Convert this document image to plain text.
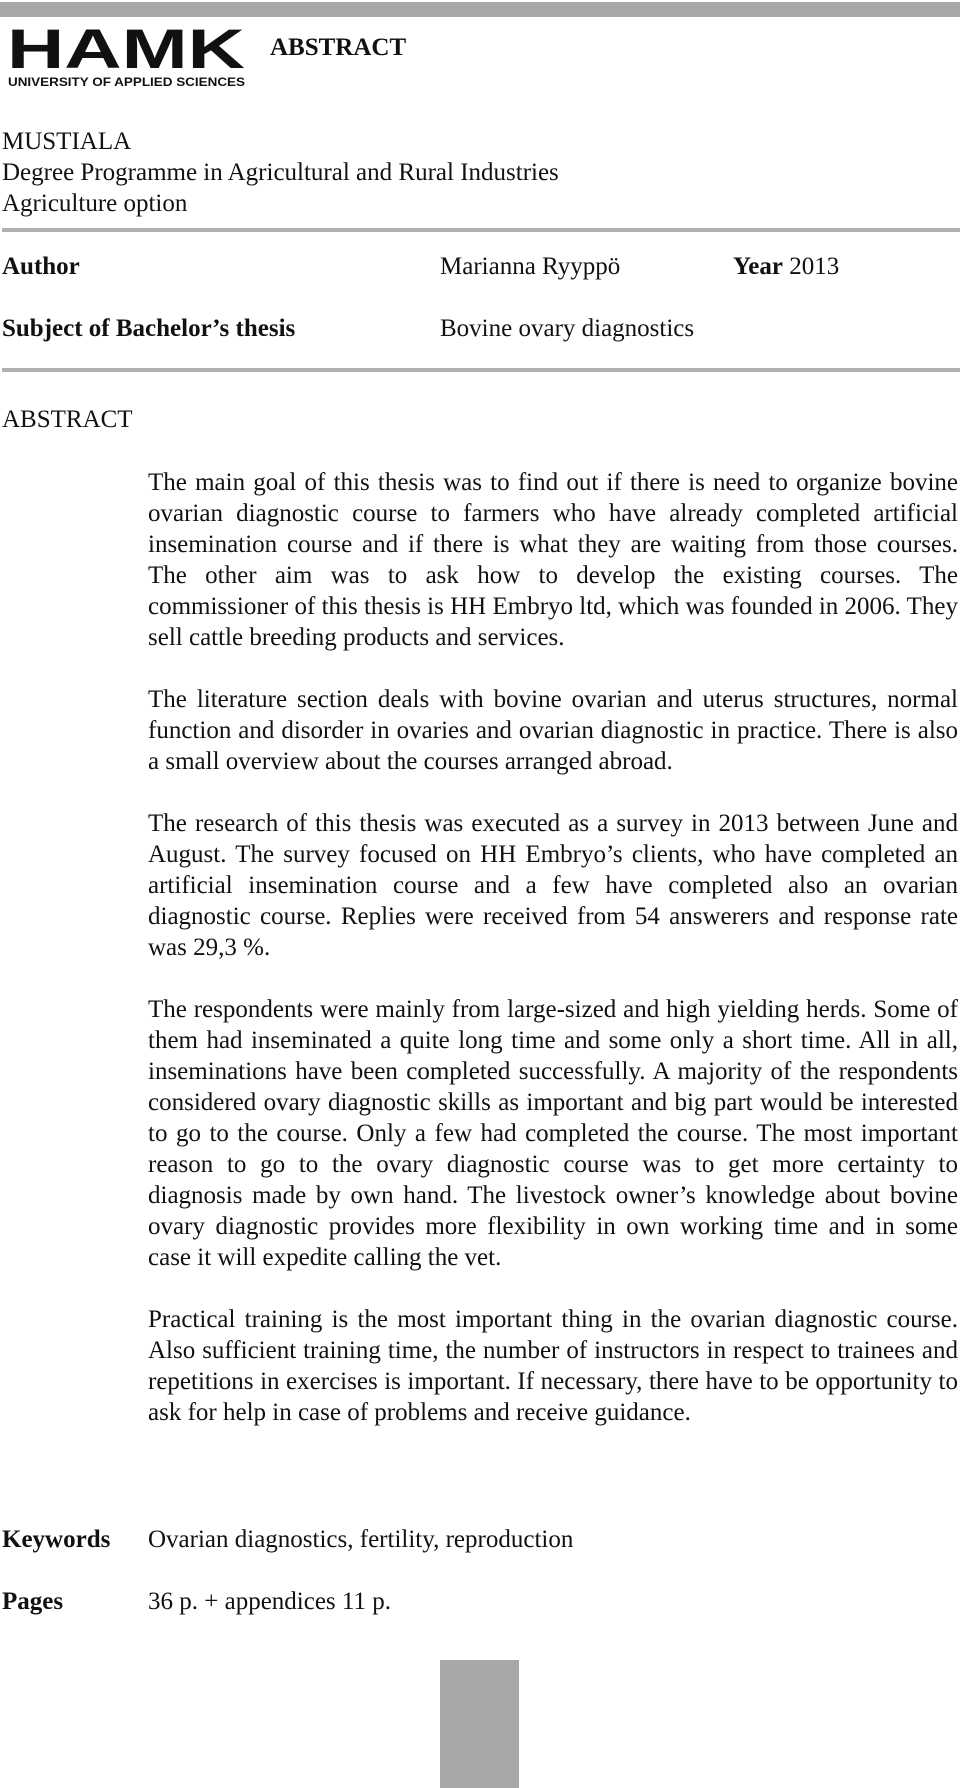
HAMK
UNIVERSITY OF APPLIED SCIENCES
ABSTRACT
MUSTIALA
Degree Programme in Agricultural and Rural Industries
Agriculture option
Author	Marianna Ryyppö	Year 2013
Subject of Bachelor’s thesis	Bovine ovary diagnostics
ABSTRACT

The main goal of this thesis was to find out if there is need to organize bovine ovarian diagnostic course to farmers who have already completed artificial insemination course and if there is what they are waiting from those courses. The other aim was to ask how to develop the existing courses. The commissioner of this thesis is HH Embryo ltd, which was founded in 2006. They sell cattle breeding products and services.

The literature section deals with bovine ovarian and uterus structures, normal function and disorder in ovaries and ovarian diagnostic in practice. There is also a small overview about the courses arranged abroad.

The research of this thesis was executed as a survey in 2013 between June and August. The survey focused on HH Embryo’s clients, who have completed an artificial insemination course and a few have completed also an ovarian diagnostic course. Replies were received from 54 answerers and response rate was 29,3 %.

The respondents were mainly from large-sized and high yielding herds. Some of them had inseminated a quite long time and some only a short time. All in all, inseminations have been completed successfully. A majority of the respondents considered ovary diagnostic skills as important and big part would be interested to go to the course. Only a few had completed the course. The most important reason to go to the ovary diagnostic course was to get more certainty to diagnosis made by own hand. The livestock owner’s knowledge about bovine ovary diagnostic provides more flexibility in own working time and in some case it will expedite calling the vet.

Practical training is the most important thing in the ovarian diagnostic course. Also sufficient training time, the number of instructors in respect to trainees and repetitions in exercises is important. If necessary, there have to be opportunity to ask for help in case of problems and receive guidance.

Keywords Ovarian diagnostics, fertility, reproduction
Pages	36 p. + appendices 11 p.
